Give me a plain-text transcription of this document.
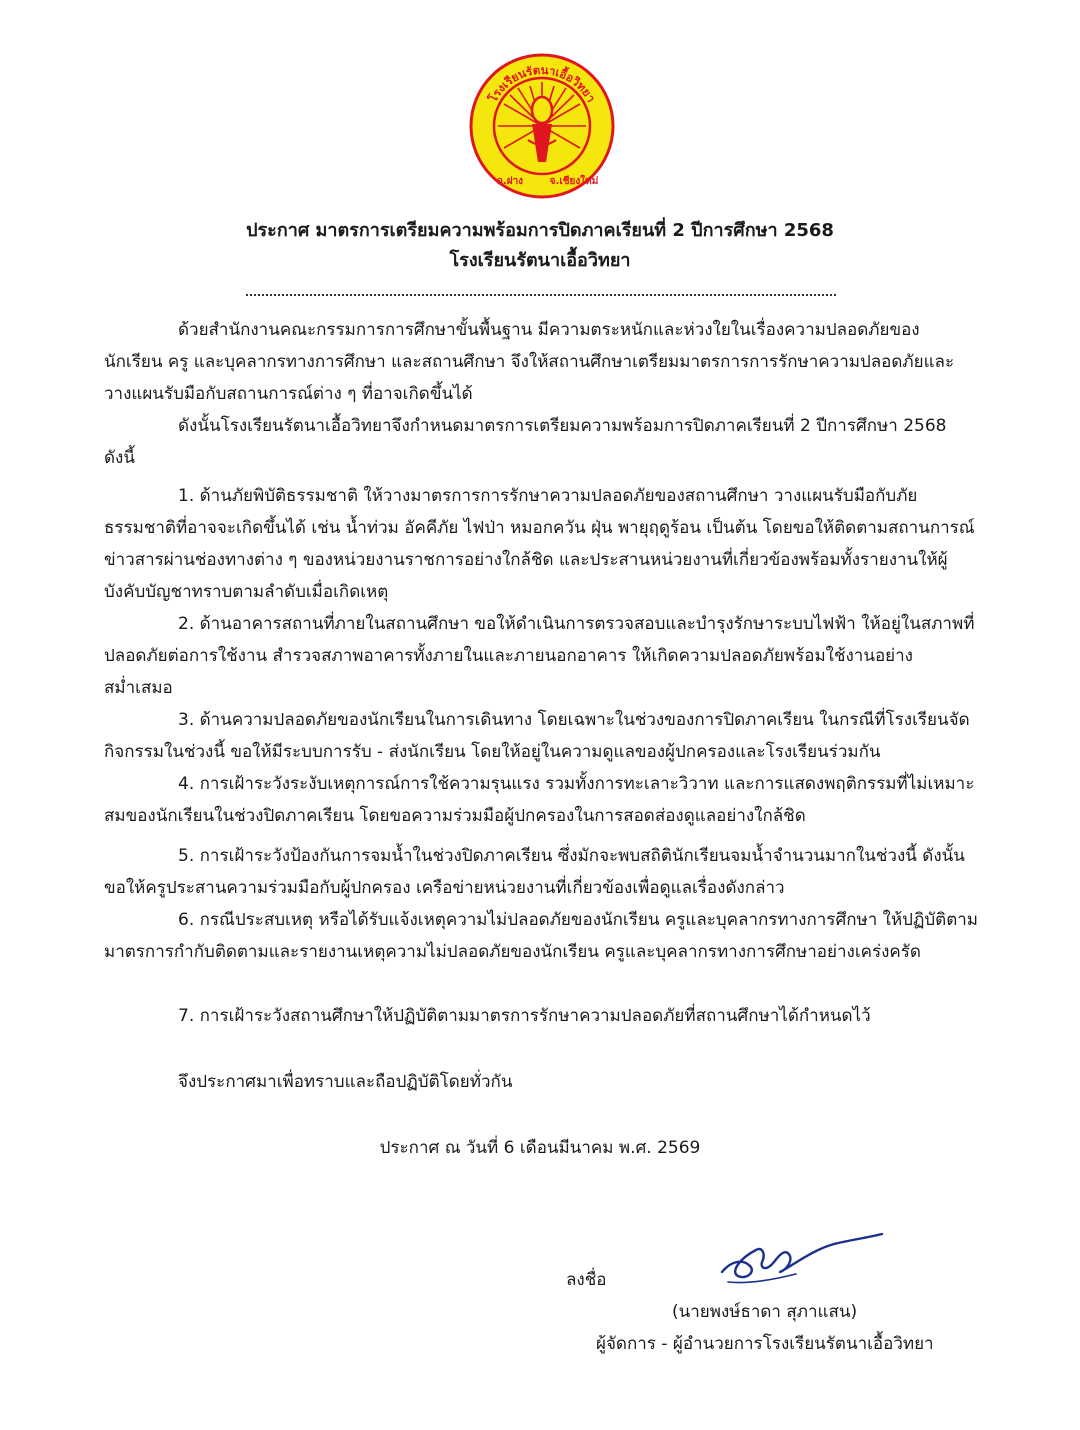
โรงเรียนรัตนาเอื้อวิทยา
อ.ฝาง	จ.เชียงใหม่
ประกาศ มาตรการเตรียมความพร้อมการปิดภาคเรียนที่ 2 ปีการศึกษา 2568
โรงเรียนรัตนาเอื้อวิทยา
ด้วยสำนักงานคณะกรรมการการศึกษาขั้นพื้นฐาน มีความตระหนักและห่วงใยในเรื่องความปลอดภัยของนักเรียน ครู และบุคลากรทางการศึกษา และสถานศึกษา จึงให้สถานศึกษาเตรียมมาตรการการรักษาความปลอดภัยและวางแผนรับมือกับสถานการณ์ต่าง ๆ ที่อาจเกิดขึ้นได้
ดังนั้นโรงเรียนรัตนาเอื้อวิทยาจึงกำหนดมาตรการเตรียมความพร้อมการปิดภาคเรียนที่ 2 ปีการศึกษา 2568 ดังนี้
1. ด้านภัยพิบัติธรรมชาติ ให้วางมาตรการการรักษาความปลอดภัยของสถานศึกษา วางแผนรับมือกับภัยธรรมชาติที่อาจจะเกิดขึ้นได้ เช่น น้ำท่วม อัคคีภัย ไฟป่า หมอกควัน ฝุ่น พายุฤดูร้อน เป็นต้น โดยขอให้ติดตามสถานการณ์ข่าวสารผ่านช่องทางต่าง ๆ ของหน่วยงานราชการอย่างใกล้ชิด และประสานหน่วยงานที่เกี่ยวข้องพร้อมทั้งรายงานให้ผู้บังคับบัญชาทราบตามลำดับเมื่อเกิดเหตุ
2. ด้านอาคารสถานที่ภายในสถานศึกษา ขอให้ดำเนินการตรวจสอบและบำรุงรักษาระบบไฟฟ้า ให้อยู่ในสภาพที่ปลอดภัยต่อการใช้งาน สำรวจสภาพอาคารทั้งภายในและภายนอกอาคาร ให้เกิดความปลอดภัยพร้อมใช้งานอย่างสม่ำเสมอ
3. ด้านความปลอดภัยของนักเรียนในการเดินทาง โดยเฉพาะในช่วงของการปิดภาคเรียน ในกรณีที่โรงเรียนจัดกิจกรรมในช่วงนี้ ขอให้มีระบบการรับ - ส่งนักเรียน โดยให้อยู่ในความดูแลของผู้ปกครองและโรงเรียนร่วมกัน
4. การเฝ้าระวังระงับเหตุการณ์การใช้ความรุนแรง รวมทั้งการทะเลาะวิวาท และการแสดงพฤติกรรมที่ไม่เหมาะสมของนักเรียนในช่วงปิดภาคเรียน โดยขอความร่วมมือผู้ปกครองในการสอดส่องดูแลอย่างใกล้ชิด
5. การเฝ้าระวังป้องกันการจมน้ำในช่วงปิดภาคเรียน ซึ่งมักจะพบสถิตินักเรียนจมน้ำจำนวนมากในช่วงนี้ ดังนั้นขอให้ครูประสานความร่วมมือกับผู้ปกครอง เครือข่ายหน่วยงานที่เกี่ยวข้องเพื่อดูแลเรื่องดังกล่าว
6. กรณีประสบเหตุ หรือได้รับแจ้งเหตุความไม่ปลอดภัยของนักเรียน ครูและบุคลากรทางการศึกษา ให้ปฏิบัติตามมาตรการกำกับติดตามและรายงานเหตุความไม่ปลอดภัยของนักเรียน ครูและบุคลากรทางการศึกษาอย่างเคร่งครัด
7. การเฝ้าระวังสถานศึกษาให้ปฏิบัติตามมาตรการรักษาความปลอดภัยที่สถานศึกษาได้กำหนดไว้
จึงประกาศมาเพื่อทราบและถือปฏิบัติโดยทั่วกัน
ประกาศ ณ วันที่ 6 เดือนมีนาคม พ.ศ. 2569
ลงชื่อ
(นายพงษ์ธาดา สุภาแสน)
ผู้จัดการ - ผู้อำนวยการโรงเรียนรัตนาเอื้อวิทยา
